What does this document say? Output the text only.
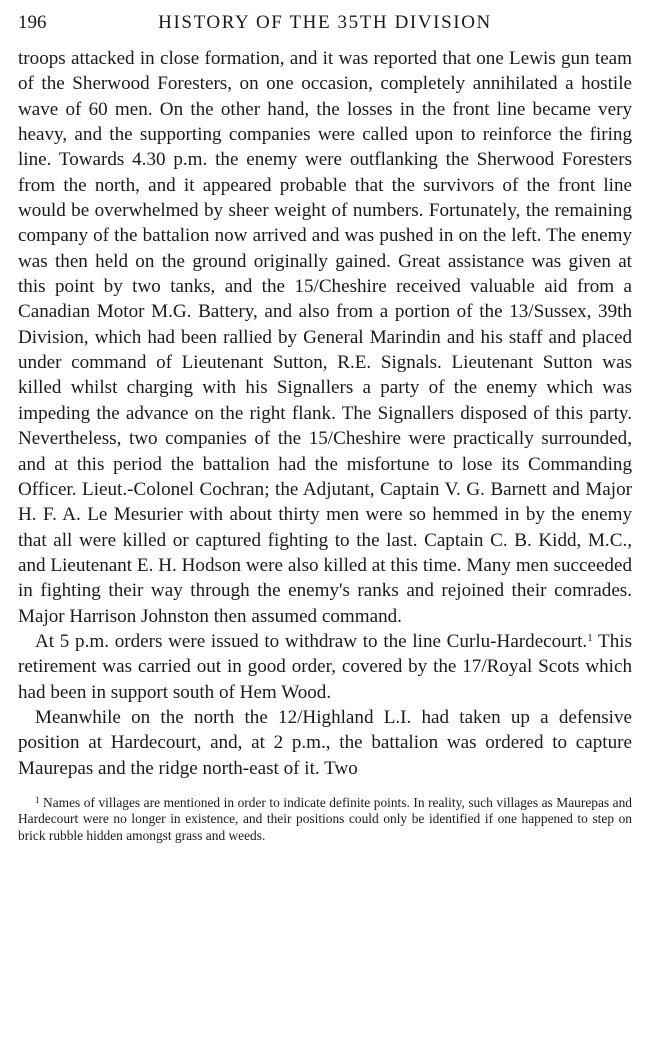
196	HISTORY OF THE 35TH DIVISION

troops attacked in close formation, and it was reported that one Lewis gun team of the Sherwood Foresters, on one occasion, completely annihilated a hostile wave of 60 men. On the other hand, the losses in the front line became very heavy, and the supporting companies were called upon to reinforce the firing line. Towards 4.30 p.m. the enemy were outflanking the Sherwood Foresters from the north, and it appeared probable that the survivors of the front line would be overwhelmed by sheer weight of numbers. Fortunately, the remaining company of the battalion now arrived and was pushed in on the left. The enemy was then held on the ground originally gained. Great assistance was given at this point by two tanks, and the 15/Cheshire received valuable aid from a Canadian Motor M.G. Battery, and also from a portion of the 13/Sussex, 39th Division, which had been rallied by General Marindin and his staff and placed under command of Lieutenant Sutton, R.E. Signals. Lieutenant Sutton was killed whilst charging with his Signallers a party of the enemy which was impeding the advance on the right flank. The Signallers disposed of this party. Nevertheless, two companies of the 15/Cheshire were practically surrounded, and at this period the battalion had the misfortune to lose its Commanding Officer. Lieut.-Colonel Cochran; the Adjutant, Captain V. G. Barnett and Major H. F. A. Le Mesurier with about thirty men were so hemmed in by the enemy that all were killed or captured fighting to the last. Captain C. B. Kidd, M.C., and Lieutenant E. H. Hodson were also killed at this time. Many men succeeded in fighting their way through the enemy's ranks and rejoined their comrades. Major Harrison Johnston then assumed command.

At 5 p.m. orders were issued to withdraw to the line Curlu-Hardecourt.$^1$ This retirement was carried out in good order, covered by the 17/Royal Scots which had been in support south of Hem Wood.

Meanwhile on the north the 12/Highland L.I. had taken up a defensive position at Hardecourt, and, at 2 p.m., the battalion was ordered to capture Maurepas and the ridge north-east of it. Two

$^1$ Names of villages are mentioned in order to indicate definite points. In reality, such villages as Maurepas and Hardecourt were no longer in existence, and their positions could only be identified if one happened to step on brick rubble hidden amongst grass and weeds.
